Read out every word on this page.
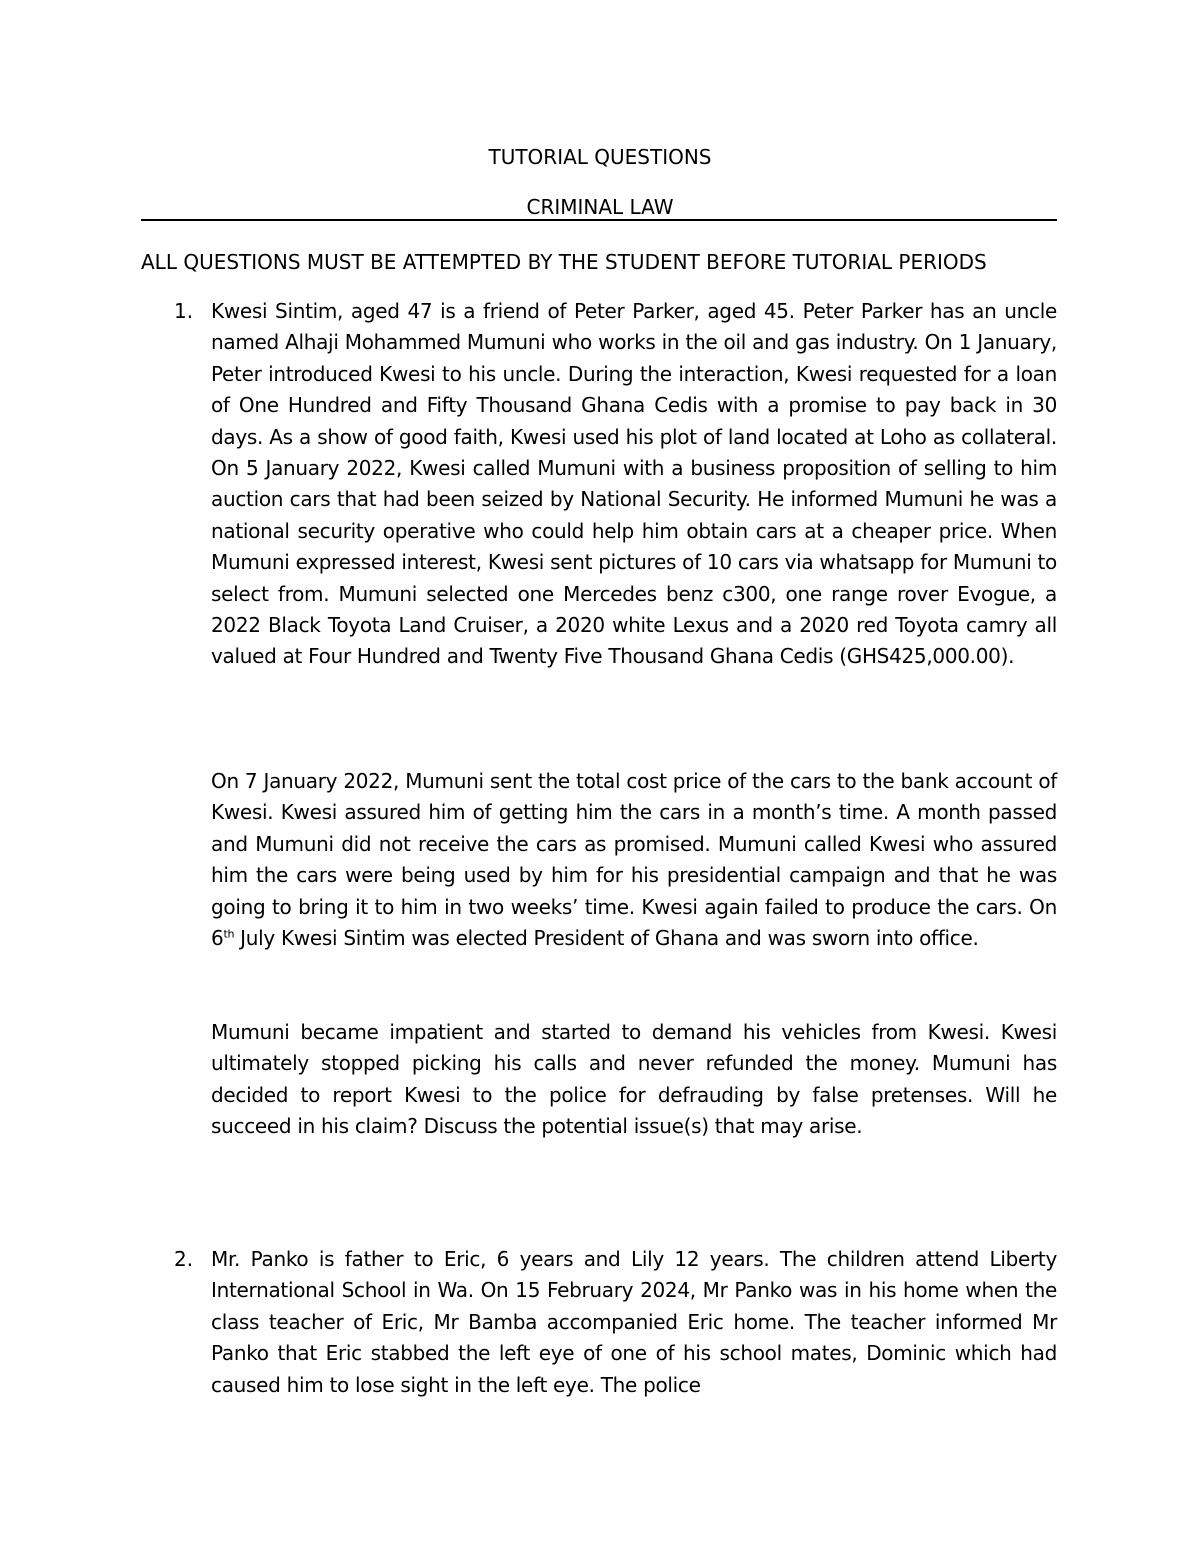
TUTORIAL QUESTIONS
CRIMINAL LAW
ALL QUESTIONS MUST BE ATTEMPTED BY THE STUDENT BEFORE TUTORIAL PERIODS
1. Kwesi Sintim, aged 47 is a friend of Peter Parker, aged 45. Peter Parker has an uncle named Alhaji Mohammed Mumuni who works in the oil and gas industry. On 1 January, Peter introduced Kwesi to his uncle. During the interaction, Kwesi requested for a loan of One Hundred and Fifty Thousand Ghana Cedis with a promise to pay back in 30 days. As a show of good faith, Kwesi used his plot of land located at Loho as collateral. On 5 January 2022, Kwesi called Mumuni with a business proposition of selling to him auction cars that had been seized by National Security. He informed Mumuni he was a national security operative who could help him obtain cars at a cheaper price. When Mumuni expressed interest, Kwesi sent pictures of 10 cars via whatsapp for Mumuni to select from. Mumuni selected one Mercedes benz c300, one range rover Evogue, a 2022 Black Toyota Land Cruiser, a 2020 white Lexus and a 2020 red Toyota camry all valued at Four Hundred and Twenty Five Thousand Ghana Cedis (GHS425,000.00).
On 7 January 2022, Mumuni sent the total cost price of the cars to the bank account of Kwesi. Kwesi assured him of getting him the cars in a month’s time. A month passed and Mumuni did not receive the cars as promised. Mumuni called Kwesi who assured him the cars were being used by him for his presidential campaign and that he was going to bring it to him in two weeks’ time. Kwesi again failed to produce the cars. On 6th July Kwesi Sintim was elected President of Ghana and was sworn into office.
Mumuni became impatient and started to demand his vehicles from Kwesi. Kwesi ultimately stopped picking his calls and never refunded the money. Mumuni has decided to report Kwesi to the police for defrauding by false pretenses. Will he succeed in his claim? Discuss the potential issue(s) that may arise.
2. Mr. Panko is father to Eric, 6 years and Lily 12 years. The children attend Liberty International School in Wa. On 15 February 2024, Mr Panko was in his home when the class teacher of Eric, Mr Bamba accompanied Eric home. The teacher informed Mr Panko that Eric stabbed the left eye of one of his school mates, Dominic which had caused him to lose sight in the left eye. The police
